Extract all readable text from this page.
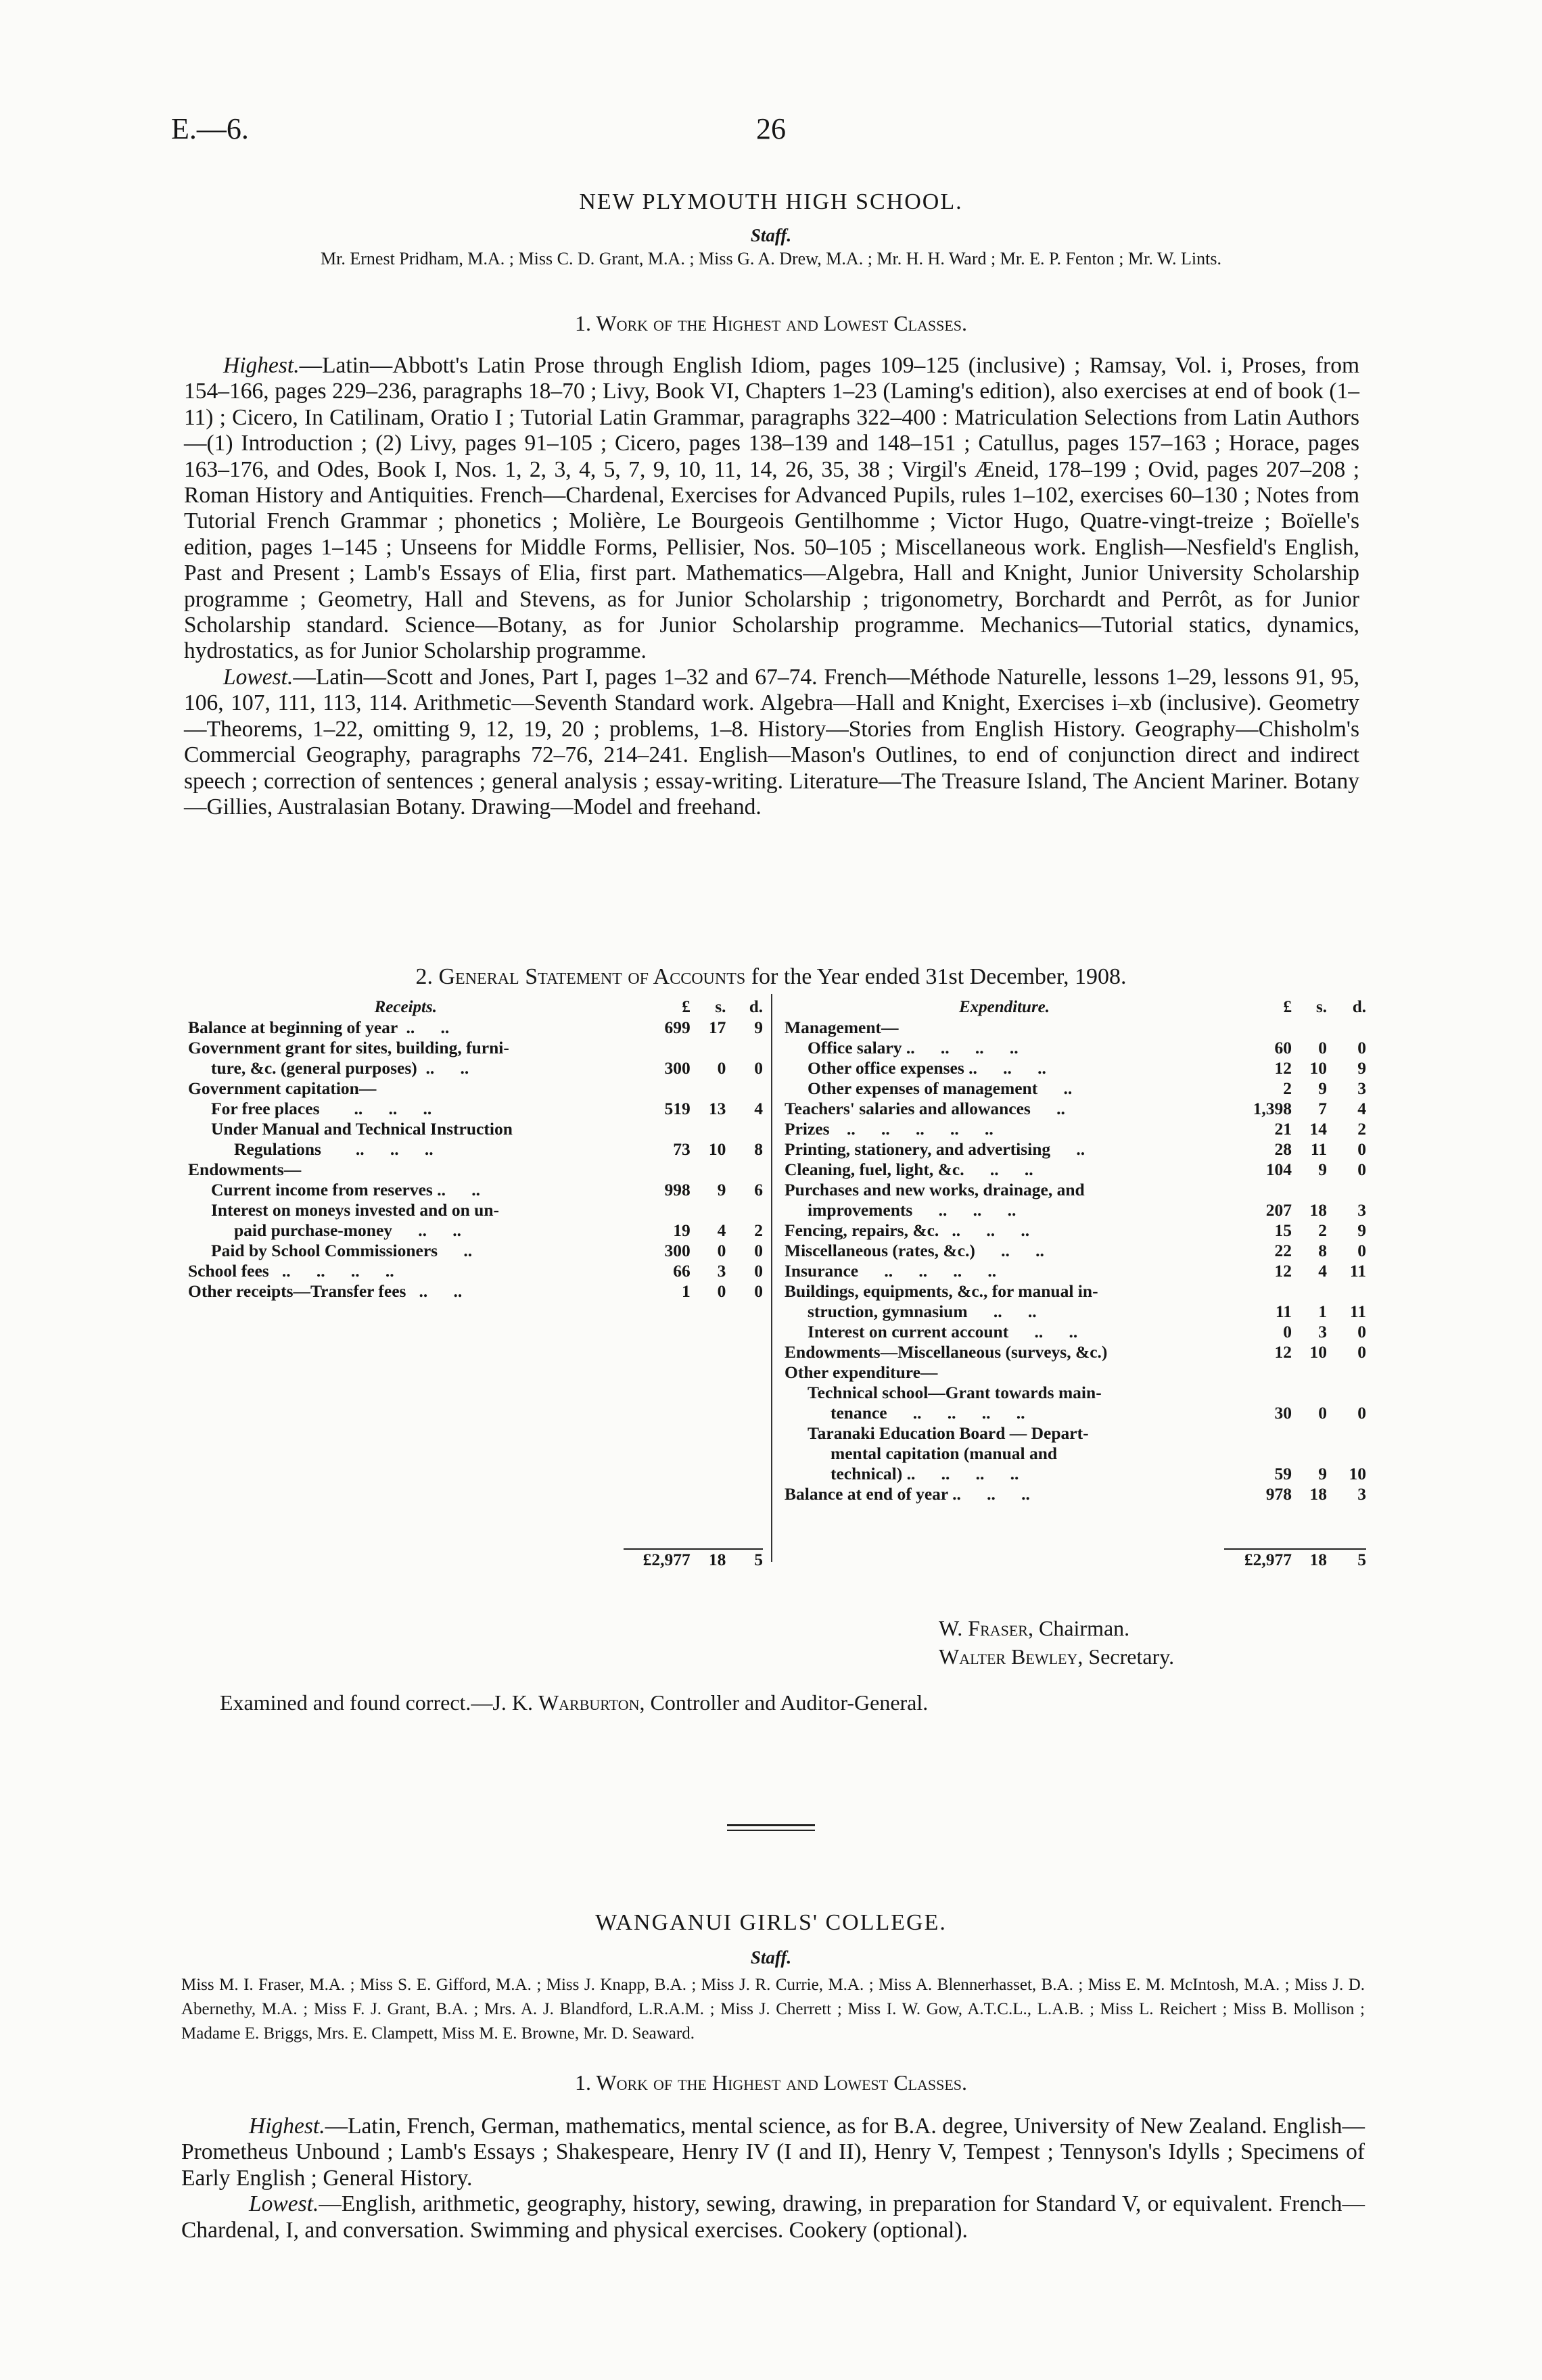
E.—6.	26
NEW PLYMOUTH HIGH SCHOOL.
Staff.
Mr. Ernest Pridham, M.A. ; Miss C. D. Grant, M.A. ; Miss G. A. Drew, M.A. ; Mr. H. H. Ward ; Mr. E. P. Fenton ; Mr. W. Lints.
1. Work of the Highest and Lowest Classes.

Highest.—Latin—Abbott's Latin Prose through English Idiom, pages 109–125 (inclusive) ; Ramsay, Vol. i, Proses, from 154–166, pages 229–236, paragraphs 18–70 ; Livy, Book VI, Chapters 1–23 (Laming's edition), also exercises at end of book (1–11) ; Cicero, In Catilinam, Oratio I ; Tutorial Latin Grammar, paragraphs 322–400 : Matriculation Selections from Latin Authors—(1) Introduction ; (2) Livy, pages 91–105 ; Cicero, pages 138–139 and 148–151 ; Catullus, pages 157–163 ; Horace, pages 163–176, and Odes, Book I, Nos. 1, 2, 3, 4, 5, 7, 9, 10, 11, 14, 26, 35, 38 ; Virgil's Æneid, 178–199 ; Ovid, pages 207–208 ; Roman History and Antiquities. French—Chardenal, Exercises for Advanced Pupils, rules 1–102, exercises 60–130 ; Notes from Tutorial French Grammar ; phonetics ; Molière, Le Bourgeois Gentilhomme ; Victor Hugo, Quatre-vingt-treize ; Boïelle's edition, pages 1–145 ; Unseens for Middle Forms, Pellisier, Nos. 50–105 ; Miscellaneous work. English—Nesfield's English, Past and Present ; Lamb's Essays of Elia, first part. Mathematics—Algebra, Hall and Knight, Junior University Scholarship programme ; Geometry, Hall and Stevens, as for Junior Scholarship ; trigonometry, Borchardt and Perrôt, as for Junior Scholarship standard. Science—Botany, as for Junior Scholarship programme. Mechanics—Tutorial statics, dynamics, hydrostatics, as for Junior Scholarship programme.

Lowest.—Latin—Scott and Jones, Part I, pages 1–32 and 67–74. French—Méthode Naturelle, lessons 1–29, lessons 91, 95, 106, 107, 111, 113, 114. Arithmetic—Seventh Standard work. Algebra—Hall and Knight, Exercises i–xb (inclusive). Geometry—Theorems, 1–22, omitting 9, 12, 19, 20 ; problems, 1–8. History—Stories from English History. Geography—Chisholm's Commercial Geography, paragraphs 72–76, 214–241. English—Mason's Outlines, to end of conjunction direct and indirect speech ; correction of sentences ; general analysis ; essay-writing. Literature—The Treasure Island, The Ancient Mariner. Botany—Gillies, Australasian Botany. Drawing—Model and freehand.

2. General Statement of Accounts for the Year ended 31st December, 1908.
Receipts.	£	s.	d.
Balance at beginning of year  ..      ..	699	17	9
Government grant for sites, building, furni-			
ture, &c. (general purposes)  ..      ..	300	0	0
Government capitation—			
For free places        ..      ..      ..	519	13	4
Under Manual and Technical Instruction			
Regulations        ..      ..      ..	73	10	8
Endowments—			
Current income from reserves ..      ..	998	9	6
Interest on moneys invested and on un-			
paid purchase-money      ..      ..	19	4	2
Paid by School Commissioners      ..	300	0	0
School fees   ..      ..      ..      ..	66	3	0
Other receipts—Transfer fees   ..      ..	1	0	0
Expenditure.	£	s.	d.
Management—			
Office salary ..      ..      ..      ..	60	0	0
Other office expenses ..      ..      ..	12	10	9
Other expenses of management      ..	2	9	3
Teachers' salaries and allowances      ..	1,398	7	4
Prizes    ..      ..      ..      ..      ..	21	14	2
Printing, stationery, and advertising      ..	28	11	0
Cleaning, fuel, light, &c.      ..      ..	104	9	0
Purchases and new works, drainage, and			
improvements      ..      ..      ..	207	18	3
Fencing, repairs, &c.   ..      ..      ..	15	2	9
Miscellaneous (rates, &c.)      ..      ..	22	8	0
Insurance      ..      ..      ..      ..	12	4	11
Buildings, equipments, &c., for manual in-			
struction, gymnasium      ..      ..	11	1	11
Interest on current account      ..      ..	0	3	0
Endowments—Miscellaneous (surveys, &c.)	12	10	0
Other expenditure—			
Technical school—Grant towards main-			
tenance      ..      ..      ..      ..	30	0	0
Taranaki Education Board — Depart-			
mental capitation (manual and			
technical) ..      ..      ..      ..	59	9	10
Balance at end of year ..      ..      ..	978	18	3
	£2,977	18	5
		£2,977	18	5
W. Fraser, Chairman.
Walter Bewley, Secretary.
Examined and found correct.—J. K. Warburton, Controller and Auditor-General.
WANGANUI GIRLS' COLLEGE.
Staff.
Miss M. I. Fraser, M.A. ; Miss S. E. Gifford, M.A. ; Miss J. Knapp, B.A. ; Miss J. R. Currie, M.A. ; Miss A. Blennerhasset, B.A. ; Miss E. M. McIntosh, M.A. ; Miss J. D. Abernethy, M.A. ; Miss F. J. Grant, B.A. ; Mrs. A. J. Blandford, L.R.A.M. ; Miss J. Cherrett ; Miss I. W. Gow, A.T.C.L., L.A.B. ; Miss L. Reichert ; Miss B. Mollison ; Madame E. Briggs, Mrs. E. Clampett, Miss M. E. Browne, Mr. D. Seaward.
1. Work of the Highest and Lowest Classes.

Highest.—Latin, French, German, mathematics, mental science, as for B.A. degree, University of New Zealand. English—Prometheus Unbound ; Lamb's Essays ; Shakespeare, Henry IV (I and II), Henry V, Tempest ; Tennyson's Idylls ; Specimens of Early English ; General History.

Lowest.—English, arithmetic, geography, history, sewing, drawing, in preparation for Standard V, or equivalent. French—Chardenal, I, and conversation. Swimming and physical exercises. Cookery (optional).
